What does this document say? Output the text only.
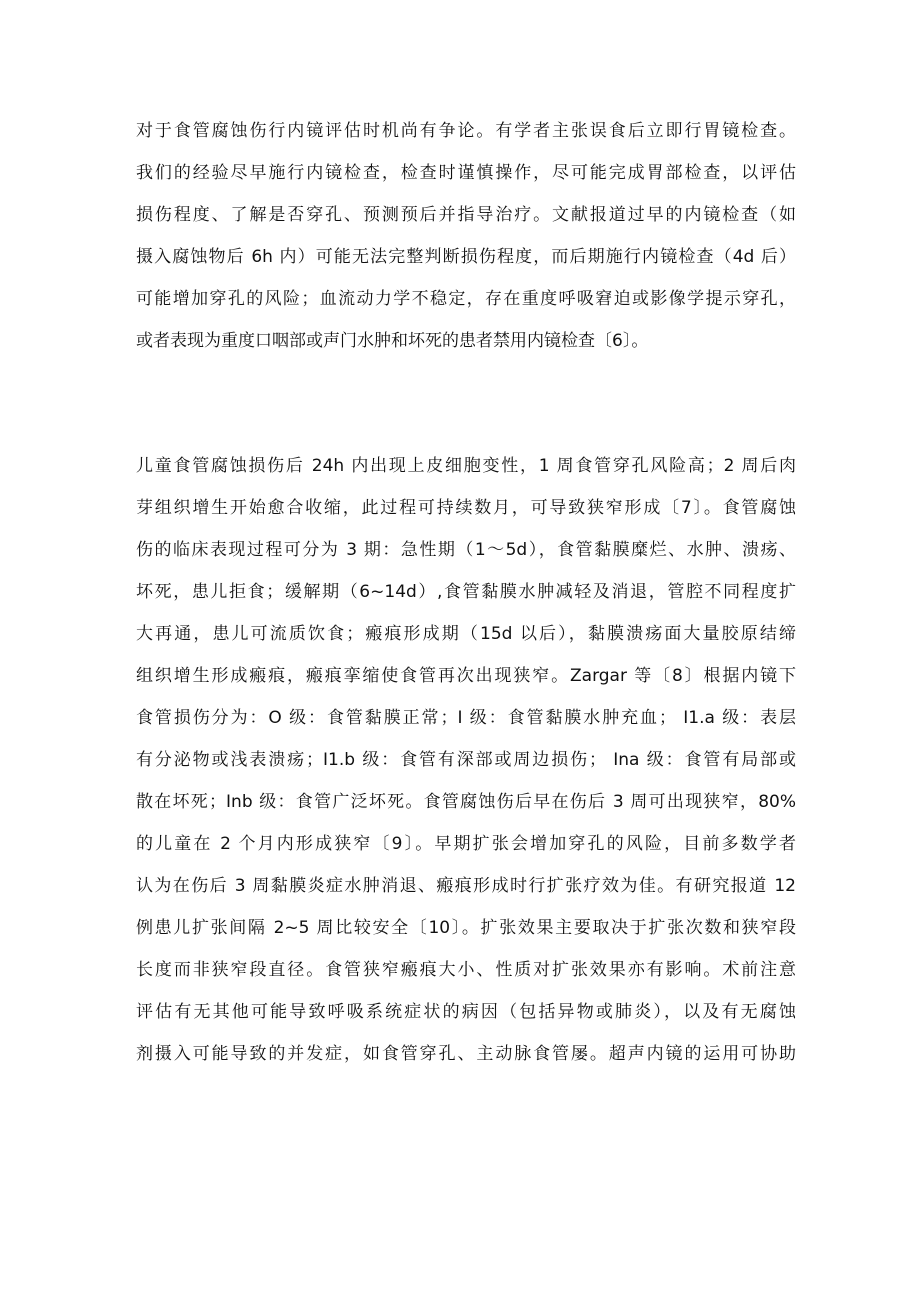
对于食管腐蚀伤行内镜评估时机尚有争论。有学者主张误食后立即行胃镜检查。
我们的经验尽早施行内镜检查，检查时谨慎操作，尽可能完成胃部检查，以评估
损伤程度、了解是否穿孔、预测预后并指导治疗。文献报道过早的内镜检查（如
摄入腐蚀物后 6h 内）可能无法完整判断损伤程度，而后期施行内镜检查（4d 后）
可能增加穿孔的风险；血流动力学不稳定，存在重度呼吸窘迫或影像学提示穿孔，
或者表现为重度口咽部或声门水肿和坏死的患者禁用内镜检查〔6〕。
儿童食管腐蚀损伤后 24h 内出现上皮细胞变性，1 周食管穿孔风险高；2 周后肉
芽组织增生开始愈合收缩，此过程可持续数月，可导致狭窄形成〔7〕。食管腐蚀
伤的临床表现过程可分为 3 期：急性期（1～5d），食管黏膜糜烂、水肿、溃疡、
坏死，患儿拒食；缓解期（6~14d）,食管黏膜水肿减轻及消退，管腔不同程度扩
大再通，患儿可流质饮食；瘢痕形成期（15d 以后），黏膜溃疡面大量胶原结缔
组织增生形成瘢痕，瘢痕挛缩使食管再次出现狭窄。Zargar 等〔8〕根据内镜下
食管损伤分为：O 级：食管黏膜正常；I 级：食管黏膜水肿充血； I1.a 级：表层
有分泌物或浅表溃疡；I1.b 级：食管有深部或周边损伤； Ina 级：食管有局部或
散在坏死；Inb 级：食管广泛坏死。食管腐蚀伤后早在伤后 3 周可出现狭窄，80%
的儿童在 2 个月内形成狭窄〔9〕。早期扩张会增加穿孔的风险，目前多数学者
认为在伤后 3 周黏膜炎症水肿消退、瘢痕形成时行扩张疗效为佳。有研究报道 12
例患儿扩张间隔 2~5 周比较安全〔10〕。扩张效果主要取决于扩张次数和狭窄段
长度而非狭窄段直径。食管狭窄瘢痕大小、性质对扩张效果亦有影响。术前注意
评估有无其他可能导致呼吸系统症状的病因（包括异物或肺炎），以及有无腐蚀
剂摄入可能导致的并发症，如食管穿孔、主动脉食管屡。超声内镜的运用可协助
